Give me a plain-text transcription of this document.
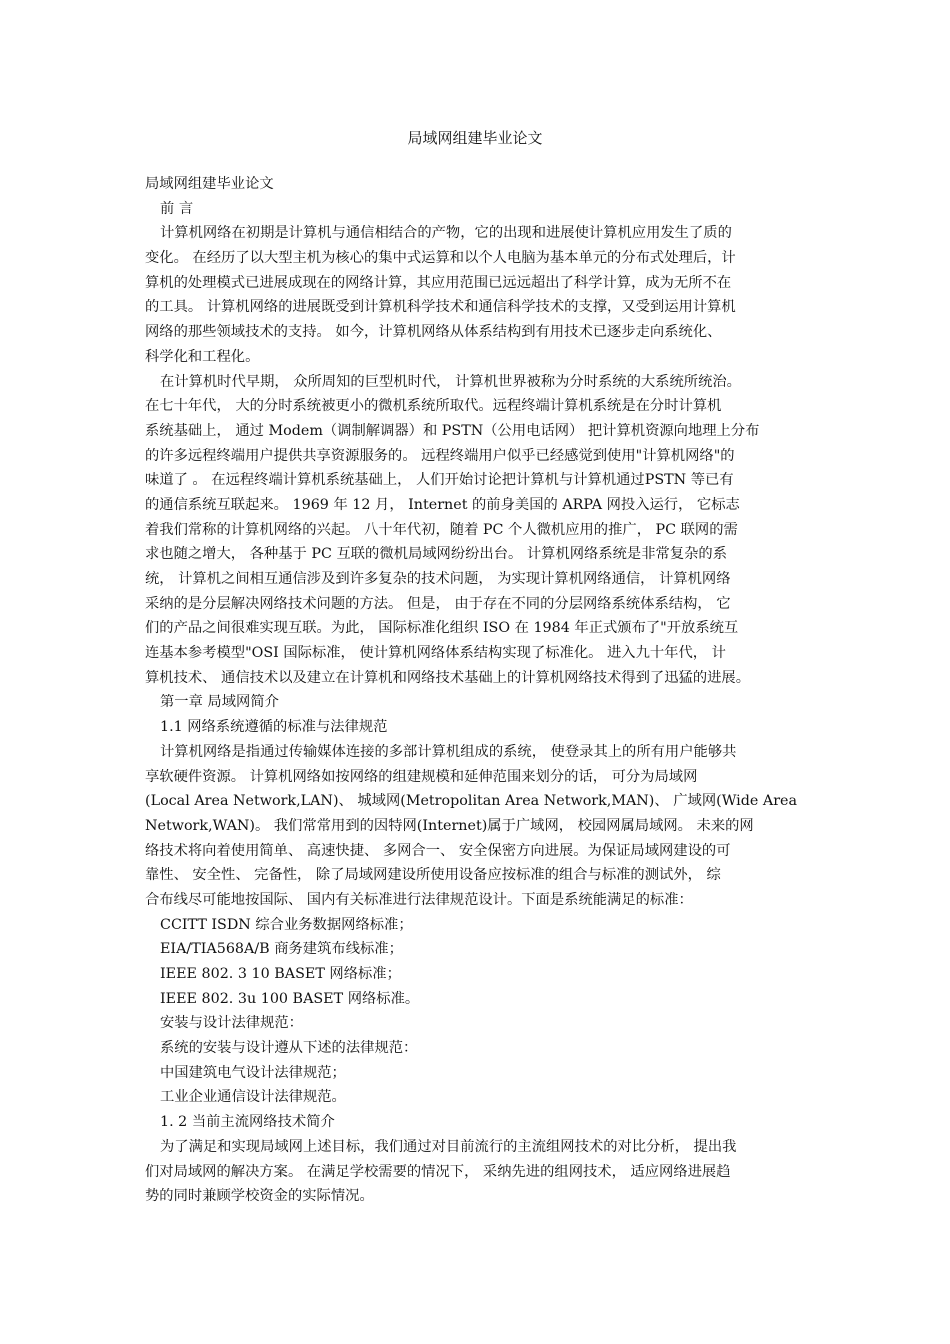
局域网组建毕业论文
局域网组建毕业论文
前 言
计算机网络在初期是计算机与通信相结合的产物，它的出现和进展使计算机应用发生了质的
变化。 在经历了以大型主机为核心的集中式运算和以个人电脑为基本单元的分布式处理后，计
算机的处理模式已进展成现在的网络计算，其应用范围已远远超出了科学计算，成为无所不在
的工具。 计算机网络的进展既受到计算机科学技术和通信科学技术的支撑，又受到运用计算机
网络的那些领域技术的支持。 如今，计算机网络从体系结构到有用技术已逐步走向系统化、
科学化和工程化。
在计算机时代早期， 众所周知的巨型机时代， 计算机世界被称为分时系统的大系统所统治。
在七十年代， 大的分时系统被更小的微机系统所取代。远程终端计算机系统是在分时计算机
系统基础上， 通过 Modem（调制解调器）和 PSTN（公用电话网） 把计算机资源向地理上分布
的许多远程终端用户提供共享资源服务的。 远程终端用户似乎已经感觉到使用"计算机网络"的
味道了 。 在远程终端计算机系统基础上， 人们开始讨论把计算机与计算机通过PSTN 等已有
的通信系统互联起来。 1969 年 12 月， Internet 的前身美国的 ARPA 网投入运行， 它标志
着我们常称的计算机网络的兴起。 八十年代初，随着 PC 个人微机应用的推广， PC 联网的需
求也随之增大， 各种基于 PC 互联的微机局域网纷纷出台。 计算机网络系统是非常复杂的系
统， 计算机之间相互通信涉及到许多复杂的技术问题， 为实现计算机网络通信， 计算机网络
采纳的是分层解决网络技术问题的方法。 但是， 由于存在不同的分层网络系统体系结构， 它
们的产品之间很难实现互联。为此， 国际标准化组织 ISO 在 1984 年正式颁布了"开放系统互
连基本参考模型"OSI 国际标准， 使计算机网络体系结构实现了标准化。 进入九十年代， 计
算机技术、 通信技术以及建立在计算机和网络技术基础上的计算机网络技术得到了迅猛的进展。
第一章 局域网简介
1.1 网络系统遵循的标准与法律规范
计算机网络是指通过传输媒体连接的多部计算机组成的系统， 使登录其上的所有用户能够共
享软硬件资源。 计算机网络如按网络的组建规模和延伸范围来划分的话， 可分为局域网
(Local Area Network,LAN)、 城域网(Metropolitan Area Network,MAN)、 广域网(Wide Area
Network,WAN)。 我们常常用到的因特网(Internet)属于广域网， 校园网属局域网。 未来的网
络技术将向着使用简单、 高速快捷、 多网合一、 安全保密方向进展。为保证局域网建设的可
靠性、 安全性、 完备性， 除了局域网建设所使用设备应按标准的组合与标准的测试外， 综
合布线尽可能地按国际、 国内有关标准进行法律规范设计。下面是系统能满足的标准：
CCITT ISDN 综合业务数据网络标准；
EIA/TIA568A/B 商务建筑布线标准；
IEEE 802. 3 10 BASET 网络标准；
IEEE 802. 3u 100 BASET 网络标准。
安装与设计法律规范：
系统的安装与设计遵从下述的法律规范：
中国建筑电气设计法律规范；
工业企业通信设计法律规范。
1. 2 当前主流网络技术简介
为了满足和实现局域网上述目标，我们通过对目前流行的主流组网技术的对比分析， 提出我
们对局域网的解决方案。 在满足学校需要的情况下， 采纳先进的组网技术， 适应网络进展趋
势的同时兼顾学校资金的实际情况。
